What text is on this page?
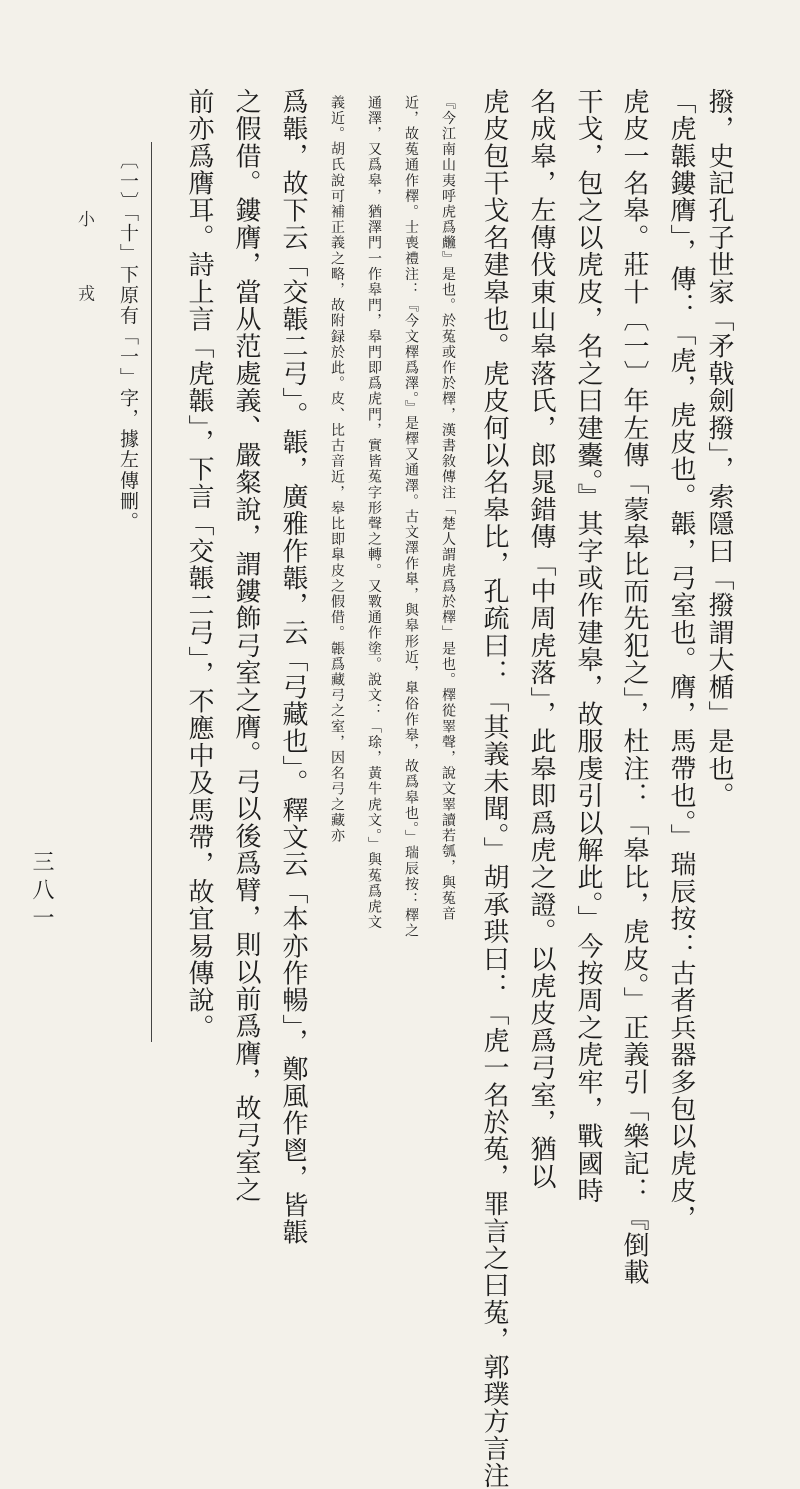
撥，史記孔子世家「矛戟劍撥」，索隱曰「撥謂大楯」是也。
「虎韔鏤膺」，傳：「虎，虎皮也。韔，弓室也。膺，馬帶也。」瑞辰按：古者兵器多包以虎皮，
虎皮一名皋。莊十〔一〕年左傳「蒙皋比而先犯之」，杜注：「皋比，虎皮。」正義引「樂記：『倒載
干戈，包之以虎皮，名之曰建櫜。』其字或作建皋，故服虔引以解此。」今按周之虎牢，戰國時
名成皋，左傳伐東山皋落氏，郎晁錯傳「中周虎落」，此皋即爲虎之證。以虎皮爲弓室，猶以
虎皮包干戈名建皋也。虎皮何以名皋比，孔疏曰：「其義未聞。」胡承珙曰：「虎一名於菟，罪言之曰菟，郭璞方言注
『今江南山夷呼虎爲虪』是也。於菟或作於檡，漢書敘傳注「楚人謂虎爲於檡」是也。檡從睪聲，說文睪讀若瓠，與菟音
近，故菟通作檡。士喪禮注：『今文檡爲澤。』是檡又通澤。古文澤作臯，與皋形近，臯俗作皋，故爲皋也。」瑞辰按：檡之
通澤，又爲皋，猶澤門一作皋門，皋門即爲虎門，實皆菟字形聲之轉。又斁通作塗。說文：「㻌，黃牛虎文。」與菟爲虎文
義近。胡氏說可補正義之略，故附録於此。皮、比古音近，皋比即臯皮之假借。韔爲藏弓之室，因名弓之藏亦
爲韔，故下云「交韔二弓」。韔，廣雅作韔，云「弓藏也」。釋文云「本亦作暢」，鄭風作鬯，皆韔
之假借。鏤膺，當从范處義、嚴粲說，謂鏤飾弓室之膺。弓以後爲臂，則以前爲膺，故弓室之
前亦爲膺耳。詩上言「虎韔」，下言「交韔二弓」，不應中及馬帶，故宜易傳說。
〔一〕「十」下原有「一」字，據左傳刪。
小 戎
三八一
